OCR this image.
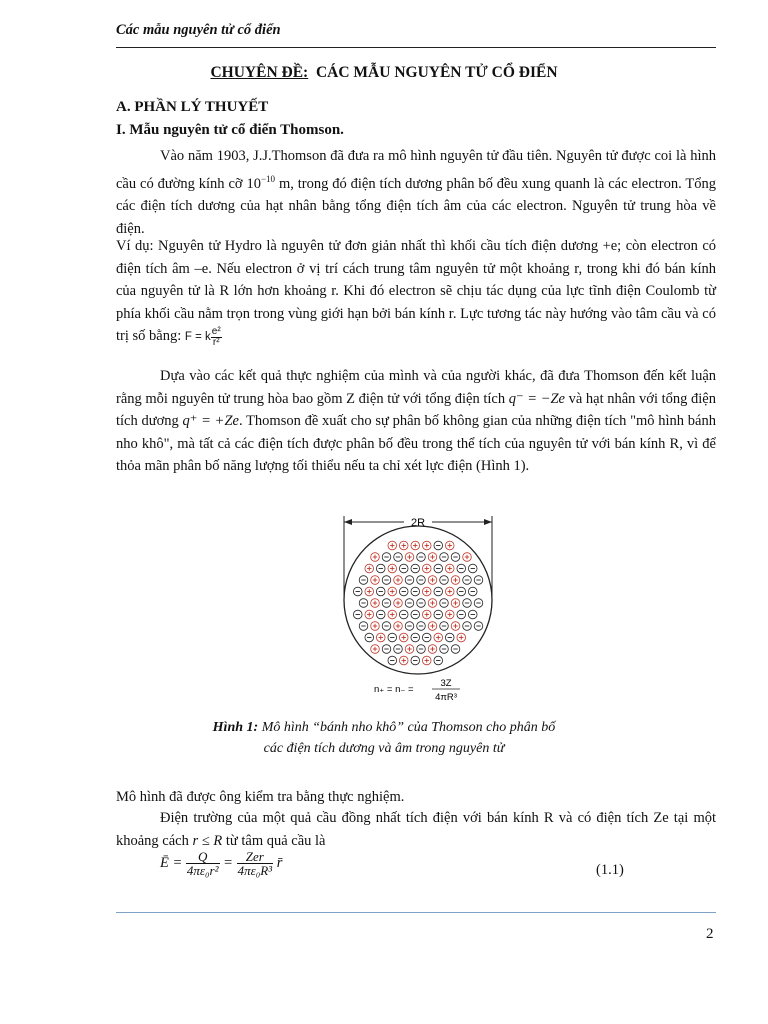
Các mẫu nguyên tử cổ điển
CHUYÊN ĐỀ: CÁC MẪU NGUYÊN TỬ CỔ ĐIỂN
A. PHẦN LÝ THUYẾT
I. Mẫu nguyên tử cổ điển Thomson.

Vào năm 1903, J.J.Thomson đã đưa ra mô hình nguyên tử đầu tiên. Nguyên tử được coi là hình cầu có đường kính cỡ $10^{-10}$ m, trong đó điện tích dương phân bố đều xung quanh là các electron. Tổng các điện tích dương của hạt nhân bằng tổng điện tích âm của các electron. Nguyên tử trung hòa về điện.

Ví dụ: Nguyên tử Hydro là nguyên tử đơn giản nhất thì khối cầu tích điện dương +e; còn electron có điện tích âm –e. Nếu electron ở vị trí cách trung tâm nguyên tử một khoảng r, trong khi đó bán kính của nguyên tử là R lớn hơn khoảng r. Khi đó electron sẽ chịu tác dụng của lực tĩnh điện Coulomb từ phía khối cầu nằm trọn trong vùng giới hạn bởi bán kính r. Lực tương tác này hướng vào tâm cầu và có trị số bằng: F = k $\frac{\text{e²}}{\text{r²}}$

Dựa vào các kết quả thực nghiệm của mình và của người khác, đã đưa Thomson đến kết luận rằng mỗi nguyên tử trung hòa bao gồm Z điện tử với tổng điện tích q⁻ = −Ze và hạt nhân với tổng điện tích dương q⁺ = +Ze. Thomson đề xuất cho sự phân bố không gian của những điện tích "mô hình bánh nho khô", mà tất cả các điện tích được phân bố đều trong thể tích của nguyên tử với bán kính R, vì để thỏa mãn phân bố năng lượng tối thiểu nếu ta chỉ xét lực điện (Hình 1).

2R
n₊ = n₋ =
3Z
4πR³
Hình 1: Mô hình “bánh nho khô” của Thomson cho phân bố
các điện tích dương và âm trong nguyên tử

Mô hình đã được ông kiểm tra bằng thực nghiệm.

Điện trường của một quả cầu đồng nhất tích điện với bán kính R và có điện tích Ze tại một khoảng cách r ≤ R từ tâm quả cầu là

Ē = $\frac{Q}{\text{4πε₀r²}} = \frac{\text{Zer}}{\text{4πε₀R³}}$ r̄	(1.1)
2
